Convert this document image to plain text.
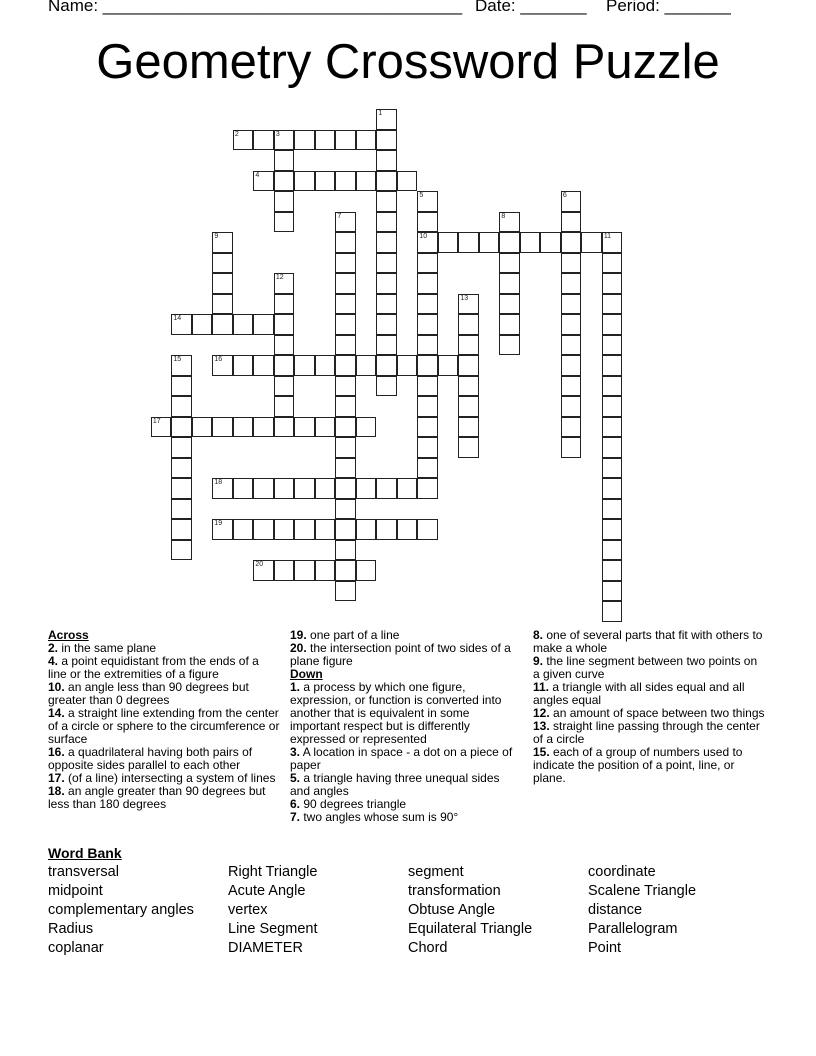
Name: ______________________________________ Date: _______ Period: _______
Geometry Crossword Puzzle
1
2	3
4
5
10
6
7	8
9	11
12
13
14
15	16
17
18
19
20
Across
2. in the same plane
4. a point equidistant from the ends of a line or the extremities of a figure
10. an angle less than 90 degrees but greater than 0 degrees
14. a straight line extending from the center of a circle or sphere to the circumference or surface
16. a quadrilateral having both pairs of opposite sides parallel to each other
17. (of a line) intersecting a system of lines
18. an angle greater than 90 degrees but less than 180 degrees
19. one part of a line
20. the intersection point of two sides of a plane figure
Down
1. a process by which one figure, expression, or function is converted into another that is equivalent in some important respect but is differently expressed or represented
3. A location in space - a dot on a piece of paper
5. a triangle having three unequal sides and angles
6. 90 degrees triangle
7. two angles whose sum is 90°
8. one of several parts that fit with others to make a whole
9. the line segment between two points on a given curve
11. a triangle with all sides equal and all angles equal
12. an amount of space between two things
13. straight line passing through the center of a circle
15. each of a group of numbers used to indicate the position of a point, line, or plane.
Word Bank
transversal
midpoint
complementary angles
Radius
coplanar
Right Triangle
Acute Angle
vertex
Line Segment
DIAMETER
segment
transformation
Obtuse Angle
Equilateral Triangle
Chord
coordinate
Scalene Triangle
distance
Parallelogram
Point
